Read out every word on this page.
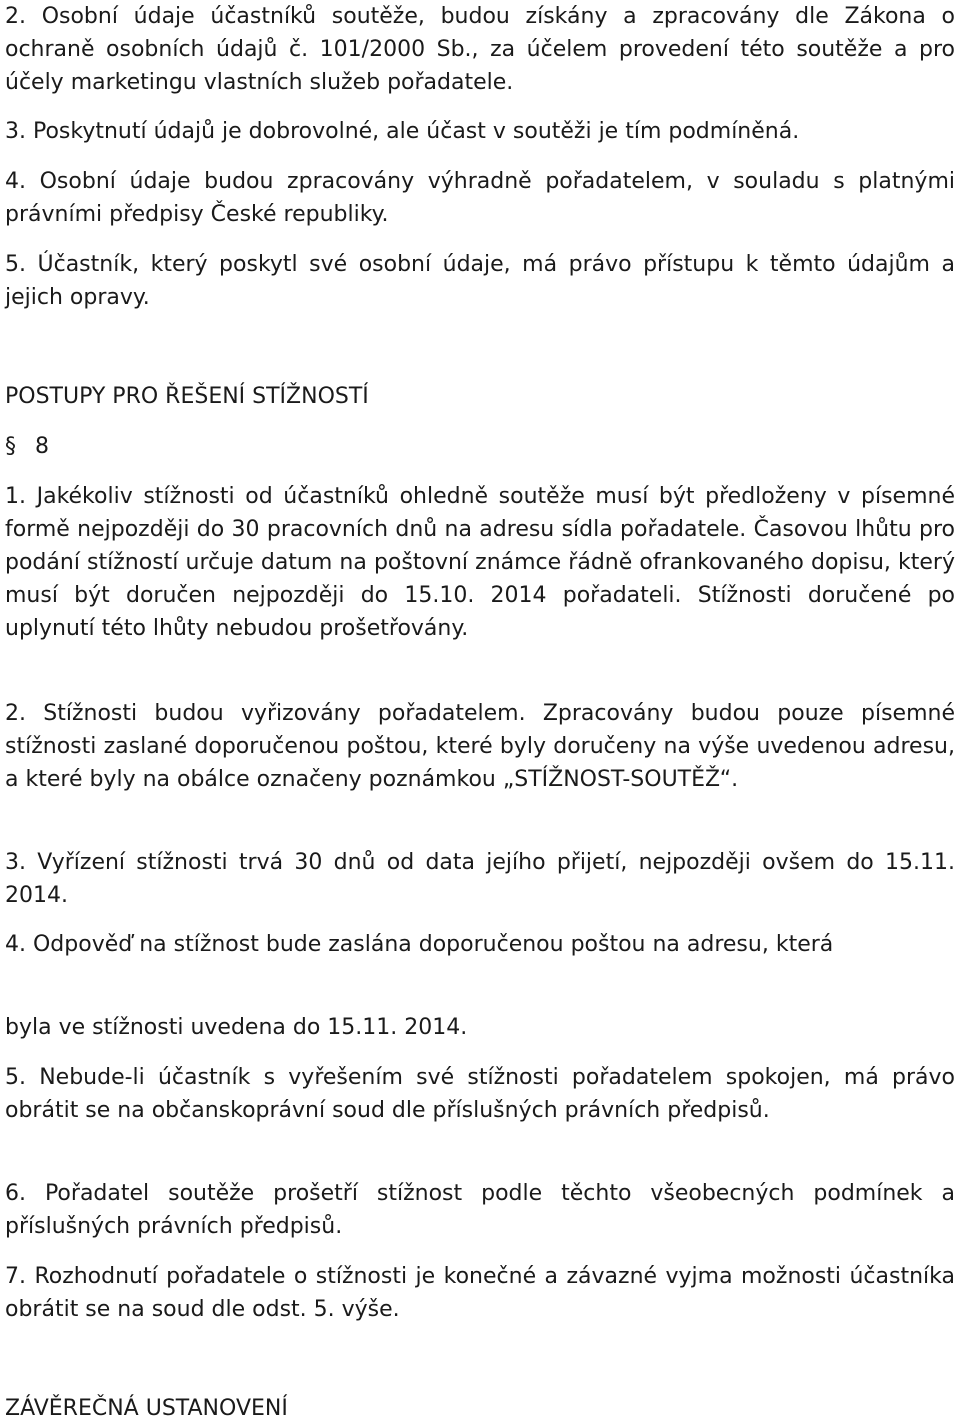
2. Osobní údaje účastníků soutěže, budou získány a zpracovány dle Zákona o ochraně osobních údajů č. 101/2000 Sb., za účelem provedení této soutěže a pro účely marketingu vlastních služeb pořadatele.

3. Poskytnutí údajů je dobrovolné, ale účast v soutěži je tím podmíněná.

4. Osobní údaje budou zpracovány výhradně pořadatelem, v souladu s platnými právními předpisy České republiky.

5. Účastník, který poskytl své osobní údaje, má právo přístupu k těmto údajům a jejich opravy.

POSTUPY PRO ŘEŠENÍ STÍŽNOSTÍ
§ 8

1. Jakékoliv stížnosti od účastníků ohledně soutěže musí být předloženy v písemné formě nejpozději do 30 pracovních dnů na adresu sídla pořadatele. Časovou lhůtu pro podání stížností určuje datum na poštovní známce řádně ofrankovaného dopisu, který musí být doručen nejpozději do 15.10. 2014 pořadateli. Stížnosti doručené po uplynutí této lhůty nebudou prošetřovány.

2. Stížnosti budou vyřizovány pořadatelem. Zpracovány budou pouze písemné stížnosti zaslané doporučenou poštou, které byly doručeny na výše uvedenou adresu, a které byly na obálce označeny poznámkou „STÍŽNOST-SOUTĚŽ“.

3. Vyřízení stížnosti trvá 30 dnů od data jejího přijetí, nejpozději ovšem do 15.11. 2014.

4. Odpověď na stížnost bude zaslána doporučenou poštou na adresu, která

byla ve stížnosti uvedena do 15.11. 2014.

5. Nebude-li účastník s vyřešením své stížnosti pořadatelem spokojen, má právo obrátit se na občanskoprávní soud dle příslušných právních předpisů.

6. Pořadatel soutěže prošetří stížnost podle těchto všeobecných podmínek a příslušných právních předpisů.

7. Rozhodnutí pořadatele o stížnosti je konečné a závazné vyjma možnosti účastníka obrátit se na soud dle odst. 5. výše.

ZÁVĚREČNÁ USTANOVENÍ
